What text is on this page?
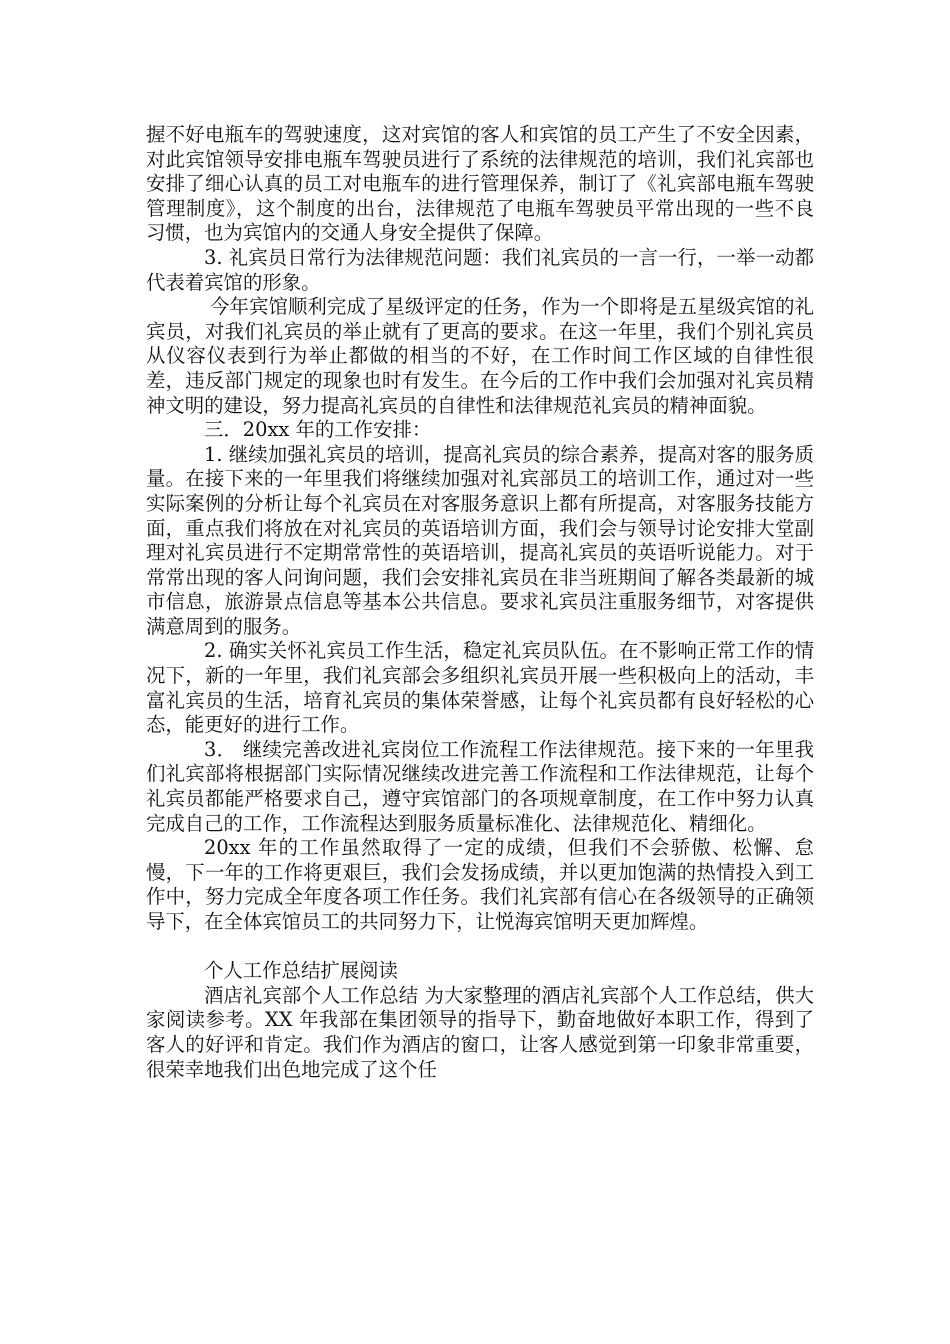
握不好电瓶车的驾驶速度，这对宾馆的客人和宾馆的员工产生了不安全因素，对此宾馆领导安排电瓶车驾驶员进行了系统的法律规范的培训，我们礼宾部也安排了细心认真的员工对电瓶车的进行管理保养，制订了《礼宾部电瓶车驾驶管理制度》，这个制度的出台，法律规范了电瓶车驾驶员平常出现的一些不良习惯，也为宾馆内的交通人身安全提供了保障。

3. 礼宾员日常行为法律规范问题：我们礼宾员的一言一行，一举一动都代表着宾馆的形象。

今年宾馆顺利完成了星级评定的任务，作为一个即将是五星级宾馆的礼宾员，对我们礼宾员的举止就有了更高的要求。在这一年里，我们个别礼宾员从仪容仪表到行为举止都做的相当的不好，在工作时间工作区域的自律性很差，违反部门规定的现象也时有发生。在今后的工作中我们会加强对礼宾员精神文明的建设，努力提高礼宾员的自律性和法律规范礼宾员的精神面貌。

三．20xx 年的工作安排：

1. 继续加强礼宾员的培训，提高礼宾员的综合素养，提高对客的服务质量。在接下来的一年里我们将继续加强对礼宾部员工的培训工作，通过对一些实际案例的分析让每个礼宾员在对客服务意识上都有所提高，对客服务技能方面，重点我们将放在对礼宾员的英语培训方面，我们会与领导讨论安排大堂副理对礼宾员进行不定期常常性的英语培训，提高礼宾员的英语听说能力。对于常常出现的客人问询问题，我们会安排礼宾员在非当班期间了解各类最新的城市信息，旅游景点信息等基本公共信息。要求礼宾员注重服务细节，对客提供满意周到的服务。

2. 确实关怀礼宾员工作生活，稳定礼宾员队伍。在不影响正常工作的情况下，新的一年里，我们礼宾部会多组织礼宾员开展一些积极向上的活动，丰富礼宾员的生活，培育礼宾员的集体荣誉感，让每个礼宾员都有良好轻松的心态，能更好的进行工作。

3． 继续完善改进礼宾岗位工作流程工作法律规范。接下来的一年里我们礼宾部将根据部门实际情况继续改进完善工作流程和工作法律规范，让每个礼宾员都能严格要求自己，遵守宾馆部门的各项规章制度，在工作中努力认真完成自己的工作，工作流程达到服务质量标准化、法律规范化、精细化。

20xx 年的工作虽然取得了一定的成绩，但我们不会骄傲、松懈、怠慢，下一年的工作将更艰巨，我们会发扬成绩，并以更加饱满的热情投入到工作中，努力完成全年度各项工作任务。我们礼宾部有信心在各级领导的正确领导下，在全体宾馆员工的共同努力下，让悦海宾馆明天更加辉煌。

个人工作总结扩展阅读

酒店礼宾部个人工作总结 为大家整理的酒店礼宾部个人工作总结，供大家阅读参考。XX 年我部在集团领导的指导下，勤奋地做好本职工作，得到了客人的好评和肯定。我们作为酒店的窗口，让客人感觉到第一印象非常重要，很荣幸地我们出色地完成了这个任
